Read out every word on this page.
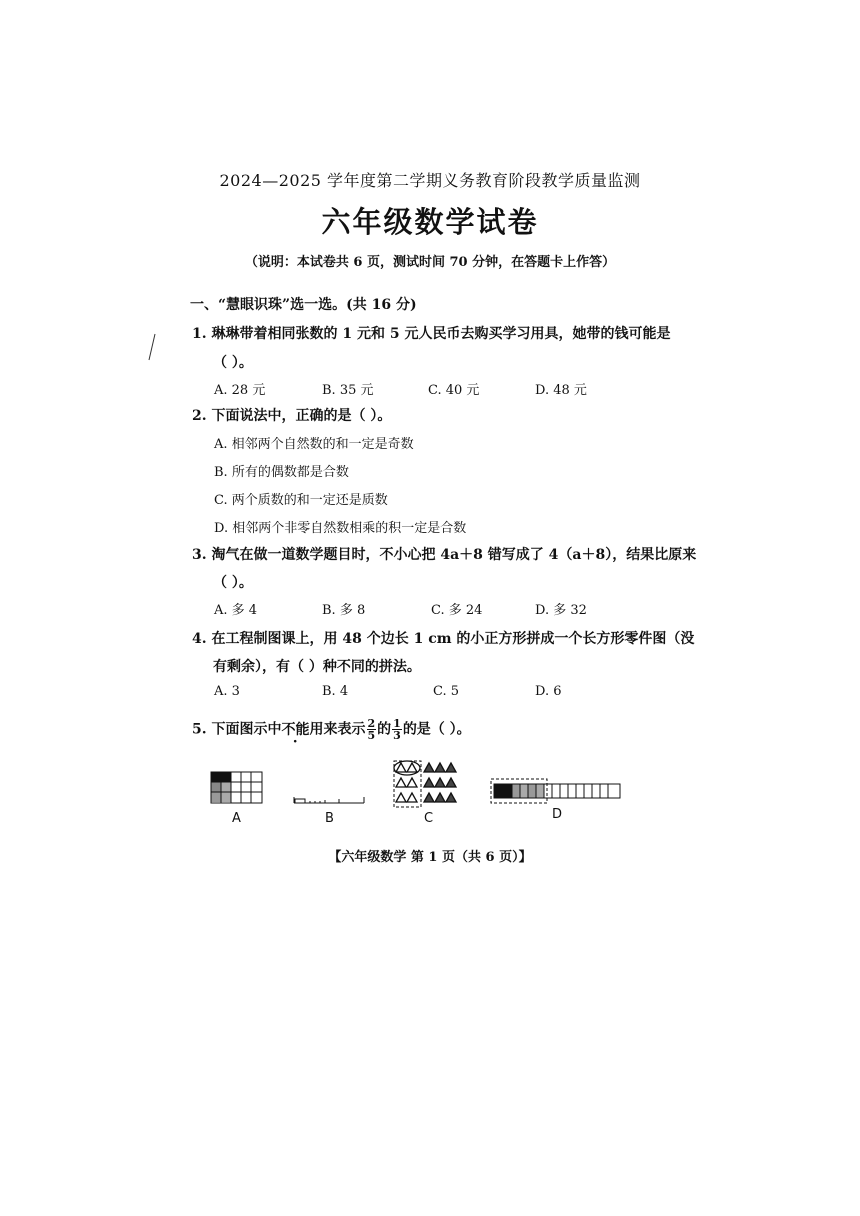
2024—2025 学年度第二学期义务教育阶段教学质量监测
六年级数学试卷
（说明：本试卷共 6 页，测试时间 70 分钟，在答题卡上作答）
一、“慧眼识珠”选一选。(共 16 分)
1. 琳琳带着相同张数的 1 元和 5 元人民币去购买学习用具，她带的钱可能是
（ ）。
A. 28 元	B. 35 元	C. 40 元	D. 48 元
2. 下面说法中，正确的是（ ）。
A. 相邻两个自然数的和一定是奇数
B. 所有的偶数都是合数
C. 两个质数的和一定还是质数
D. 相邻两个非零自然数相乘的积一定是合数
3. 淘气在做一道数学题目时，不小心把 4a＋8 错写成了 4（a＋8），结果比原来
（ ）。
A. 多 4	B. 多 8	C. 多 24	D. 多 32
4. 在工程制图课上，用 48 个边长 1 cm 的小正方形拼成一个长方形零件图（没
有剩余），有（ ）种不同的拼法。
A. 3	B. 4	C. 5	D. 6
5. 下面图示中不能用来表示 $\frac{2}{5}$ 的 $\frac{1}{3}$ 的是（ ）。
A	B	C	D
【六年级数学 第 1 页（共 6 页）】
